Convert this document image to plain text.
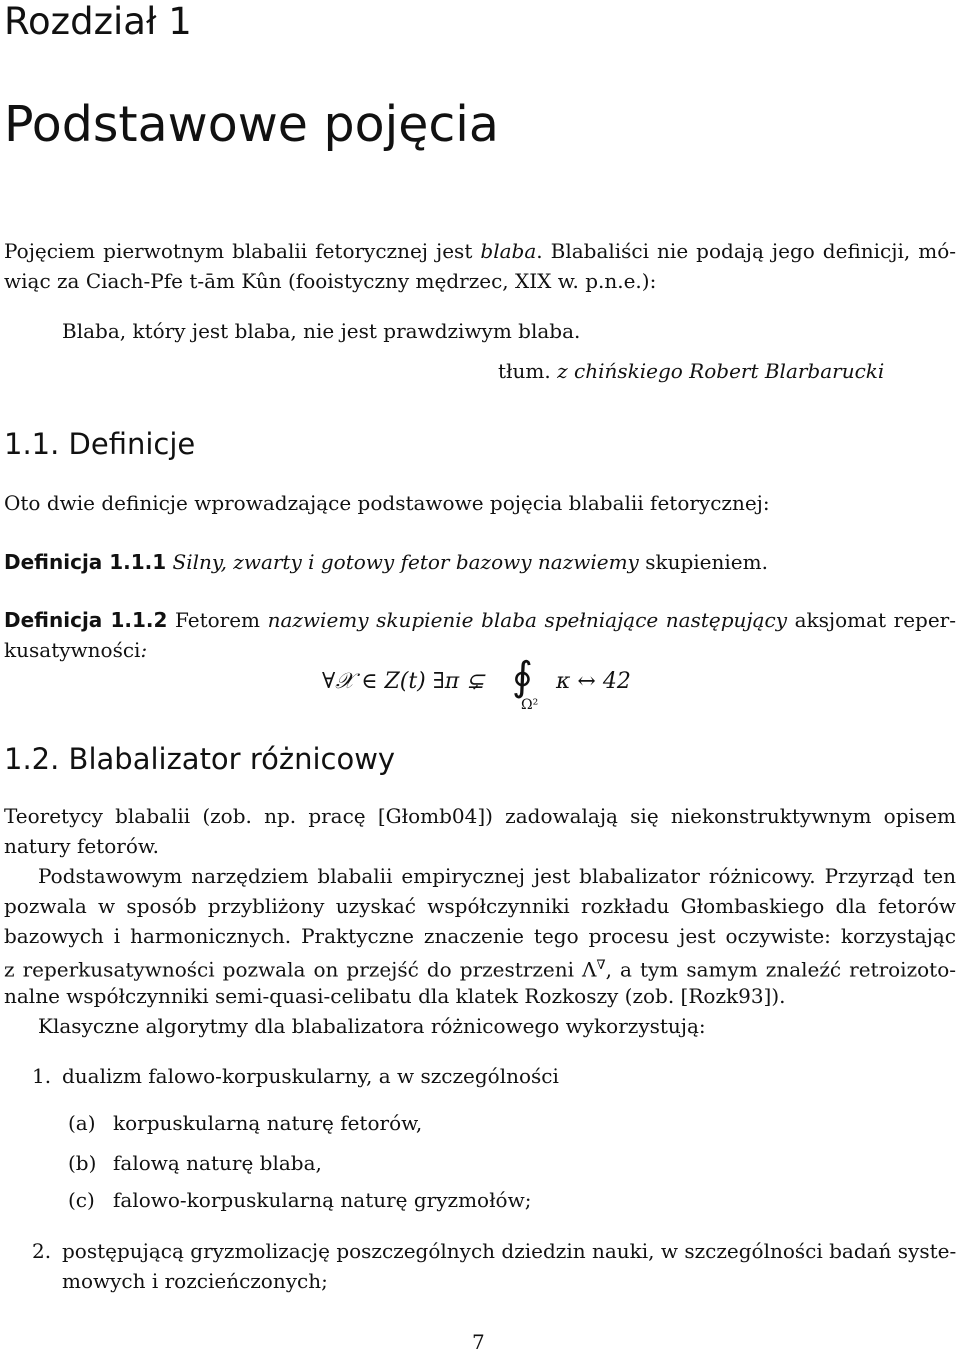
Rozdział 1
Podstawowe pojęcia
Pojęciem pierwotnym blabalii fetorycznej jest blaba. Blabaliści nie podają jego definicji, mó-
wiąc za Ciach-Pfe t-ām Kûn (fooistyczny mędrzec, XIX w. p.n.e.):
Blaba, który jest blaba, nie jest prawdziwym blaba.
tłum. z chińskiego Robert Blarbarucki
1.1. Definicje
Oto dwie definicje wprowadzające podstawowe pojęcia blabalii fetorycznej:
Definicja 1.1.1 Silny, zwarty i gotowy fetor bazowy nazwiemy skupieniem.
Definicja 1.1.2 Fetorem nazwiemy skupienie blaba spełniające następujący aksjomat reper-
kusatywności:
∀𝒳 ∈ Z(t) ∃π ⊊ ∮
Ω²
κ ↔ 42
1.2. Blabalizator różnicowy
Teoretycy blabalii (zob. np. pracę [Głomb04]) zadowalają się niekonstruktywnym opisem
natury fetorów.
Podstawowym narzędziem blabalii empirycznej jest blabalizator różnicowy. Przyrząd ten
pozwala w sposób przybliżony uzyskać współczynniki rozkładu Głombaskiego dla fetorów
bazowych i harmonicznych. Praktyczne znaczenie tego procesu jest oczywiste: korzystając
z reperkusatywności pozwala on przejść do przestrzeni Λ∇, a tym samym znaleźć retroizoto-
nalne współczynniki semi-quasi-celibatu dla klatek Rozkoszy (zob. [Rozk93]).
Klasyczne algorytmy dla blabalizatora różnicowego wykorzystują:
1. dualizm falowo-korpuskularny, a w szczególności
(a) korpuskularną naturę fetorów,
(b) falową naturę blaba,
(c) falowo-korpuskularną naturę gryzmołów;
2. postępującą gryzmolizację poszczególnych dziedzin nauki, w szczególności badań syste-
mowych i rozcieńczonych;
7
